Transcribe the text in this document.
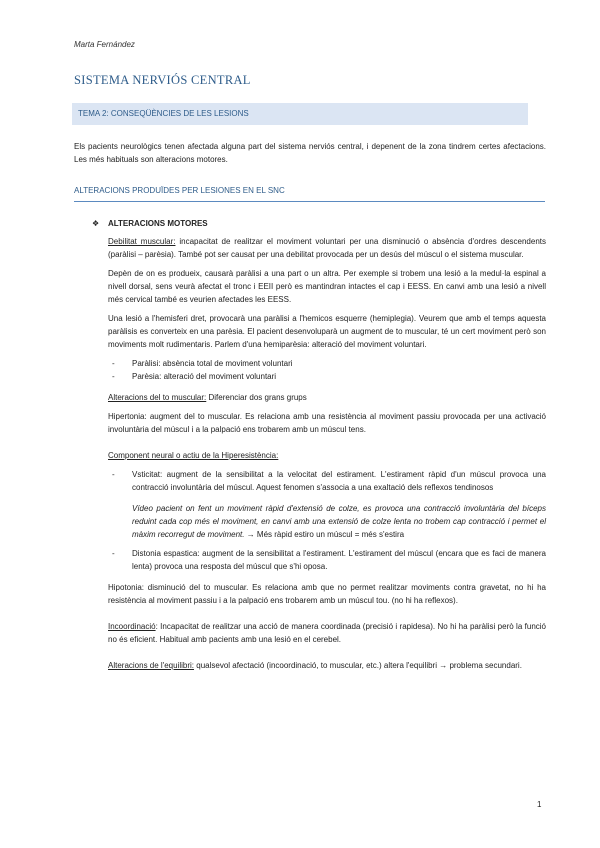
Marta Fernández
SISTEMA NERVIÓS CENTRAL
TEMA 2: CONSEQÜÈNCIES DE LES LESIONS
Els pacients neurològics tenen afectada alguna part del sistema nerviós central, i depenent de la zona tindrem certes afectacions. Les més habituals son alteracions motores.
ALTERACIONS PRODUÏDES PER LESIONES EN EL SNC
❖ ALTERACIONS MOTORES

Debilitat muscular: incapacitat de realitzar el moviment voluntari per una disminució o absència d'ordres descendents (paràlisi – parèsia). També pot ser causat per una debilitat provocada per un desús del múscul o el sistema muscular.

Depèn de on es produeix, causarà paràlisi a una part o un altra. Per exemple si trobem una lesió a la medul·la espinal a nivell dorsal, sens veurà afectat el tronc i EEII però es mantindran intactes el cap i EESS. En canvi amb una lesió a nivell més cervical també es veurien afectades les EESS.

Una lesió a l'hemisferi dret, provocarà una paràlisi a l'hemicos esquerre (hemiplegia). Veurem que amb el temps aquesta paràlisis es converteix en una parèsia. El pacient desenvoluparà un augment de to muscular, té un cert moviment però son moviments molt rudimentaris. Parlem d'una hemiparèsia: alteració del moviment voluntari.

- Paràlisi: absència total de moviment voluntari
- Parèsia: alteració del moviment voluntari

Alteracions del to muscular: Diferenciar dos grans grups

Hipertonia: augment del to muscular. Es relaciona amb una resistència al moviment passiu provocada per una activació involuntària del múscul i a la palpació ens trobarem amb un múscul tens.

Component neural o actiu de la Hiperesistència:

- Vsticitat: augment de la sensibilitat a la velocitat del estirament. L'estirament ràpid d'un múscul provoca una contracció involuntària del múscul. Aquest fenomen s'associa a una exaltació dels reflexos tendinosos

Vídeo pacient on fent un moviment ràpid d'extensió de colze, es provoca una contracció involuntària del bíceps reduint cada cop més el moviment, en canvi amb una extensió de colze lenta no trobem cap contracció i permet el màxim recorregut de moviment. → Més ràpid estiro un múscul = més s'estira

- Distonia espastica: augment de la sensibilitat a l'estirament. L'estirament del múscul (encara que es faci de manera lenta) provoca una resposta del múscul que s'hi oposa.

Hipotonia: disminució del to muscular. Es relaciona amb que no permet realitzar moviments contra gravetat, no hi ha resistència al moviment passiu i a la palpació ens trobarem amb un múscul tou. (no hi ha reflexos).

Incoordinació: Incapacitat de realitzar una acció de manera coordinada (precisió i rapidesa). No hi ha paràlisi però la funció no és eficient. Habitual amb pacients amb una lesió en el cerebel.

Alteracions de l'equilibri: qualsevol afectació (incoordinació, to muscular, etc.) altera l'equilibri → problema secundari.

1
